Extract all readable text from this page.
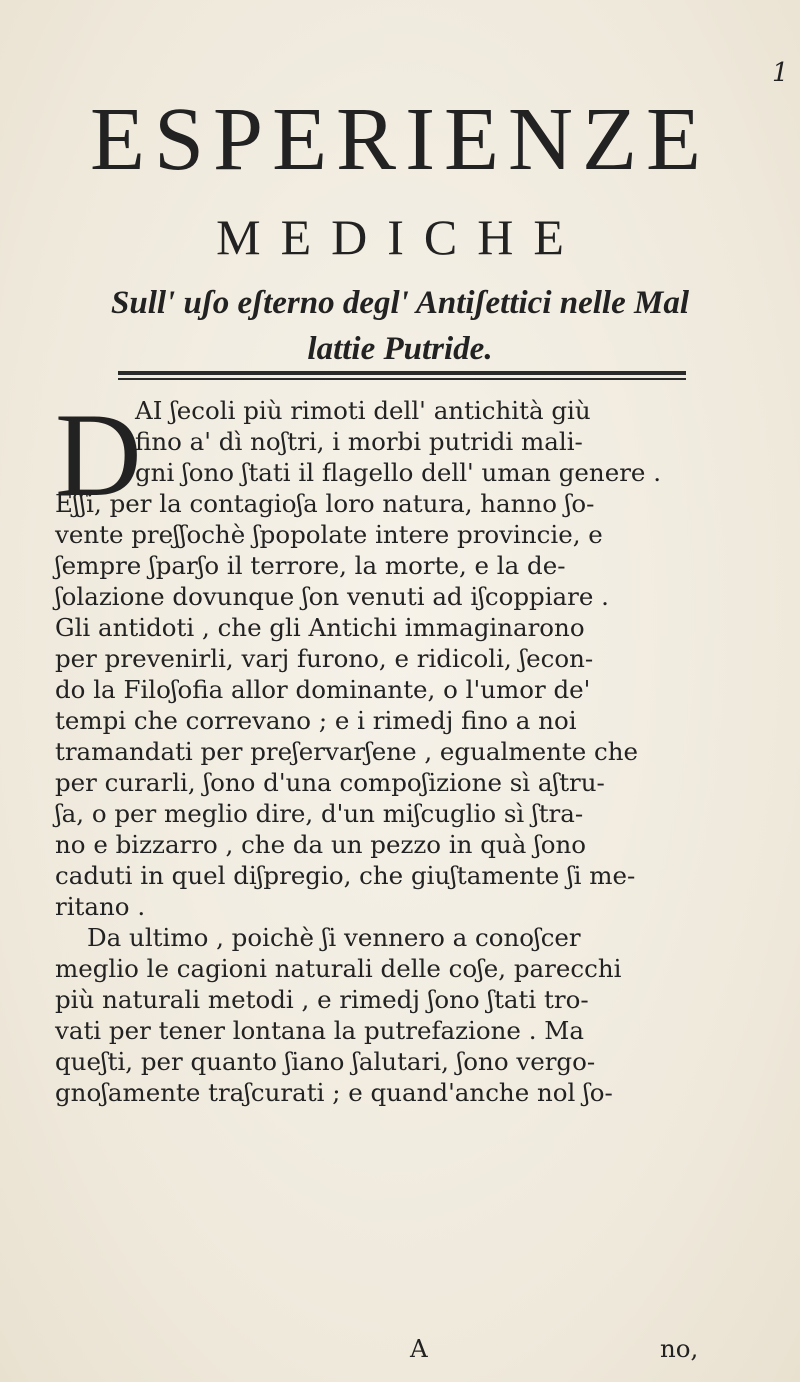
1
ESPERIENZE
MEDICHE
Sull' uʃo eʃterno degl' Antiʃettici nelle Mal
lattie Putride.
D
AI ʃecoli più rimoti dell' antichità giù
fino a' dì noʃtri, i morbi putridi mali-
gni ʃono ʃtati il flagello dell' uman genere .
Eʃʃi, per la contagioʃa loro natura, hanno ʃo-
vente preʃʃochè ʃpopolate intere provincie, e
ʃempre ʃparʃo il terrore, la morte, e la de-
ʃolazione dovunque ʃon venuti ad iʃcoppiare .
Gli antidoti , che gli Antichi immaginarono
per prevenirli, varj furono, e ridicoli, ʃecon-
do la Filoʃofia allor dominante, o l'umor de'
tempi che correvano ; e i rimedj fino a noi
tramandati per preʃervarʃene , egualmente che
per curarli, ʃono d'una compoʃizione sì aʃtru-
ʃa, o per meglio dire, d'un miʃcuglio sì ʃtra-
no e bizzarro , che da un pezzo in quà ʃono
caduti in quel diʃpregio, che giuʃtamente ʃi me-
ritano .
Da ultimo , poichè ʃi vennero a conoʃcer
meglio le cagioni naturali delle coʃe, parecchi
più naturali metodi , e rimedj ʃono ʃtati tro-
vati per tener lontana la putrefazione . Ma
queʃti, per quanto ʃiano ʃalutari, ʃono vergo-
gnoʃamente traʃcurati ; e quand'anche nol ʃo-
A	no,
